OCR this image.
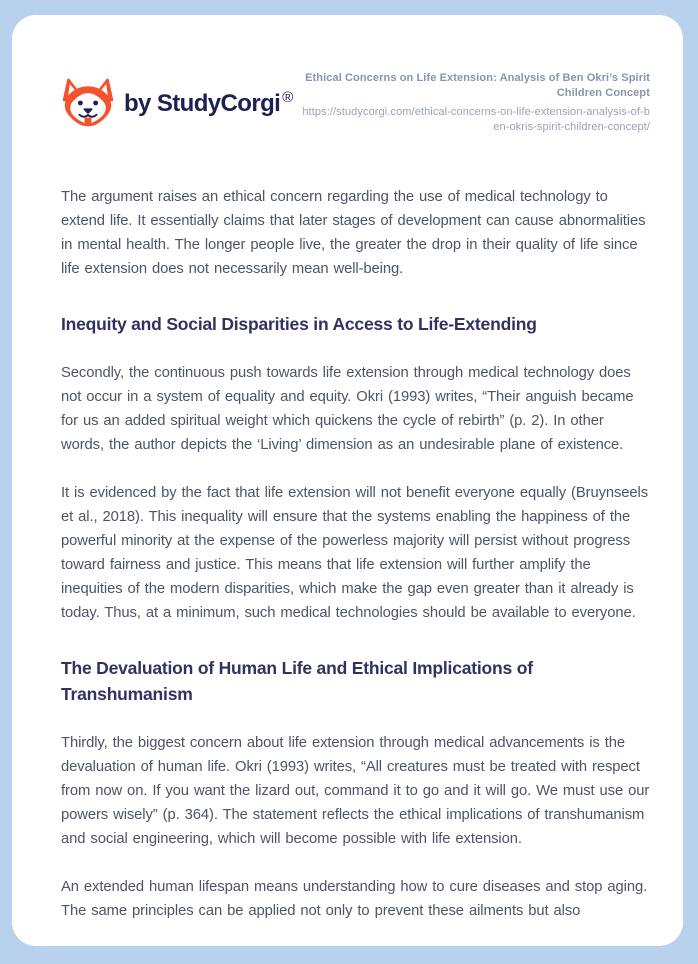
by StudyCorgi ®
Ethical Concerns on Life Extension: Analysis of Ben Okri’s Spirit Children Concept
https://studycorgi.com/ethical-concerns-on-life-extension-analysis-of-ben-okris-spirit-children-concept/

The argument raises an ethical concern regarding the use of medical technology to extend life. It essentially claims that later stages of development can cause abnormalities in mental health. The longer people live, the greater the drop in their quality of life since life extension does not necessarily mean well-being.

Inequity and Social Disparities in Access to Life-Extending

Secondly, the continuous push towards life extension through medical technology does not occur in a system of equality and equity. Okri (1993) writes, “Their anguish became for us an added spiritual weight which quickens the cycle of rebirth” (p. 2). In other words, the author depicts the ‘Living’ dimension as an undesirable plane of existence.

It is evidenced by the fact that life extension will not benefit everyone equally (Bruynseels et al., 2018). This inequality will ensure that the systems enabling the happiness of the powerful minority at the expense of the powerless majority will persist without progress toward fairness and justice. This means that life extension will further amplify the inequities of the modern disparities, which make the gap even greater than it already is today. Thus, at a minimum, such medical technologies should be available to everyone.

The Devaluation of Human Life and Ethical Implications of Transhumanism

Thirdly, the biggest concern about life extension through medical advancements is the devaluation of human life. Okri (1993) writes, “All creatures must be treated with respect from now on. If you want the lizard out, command it to go and it will go. We must use our powers wisely” (p. 364). The statement reflects the ethical implications of transhumanism and social engineering, which will become possible with life extension.

An extended human lifespan means understanding how to cure diseases and stop aging. The same principles can be applied not only to prevent these ailments but also
